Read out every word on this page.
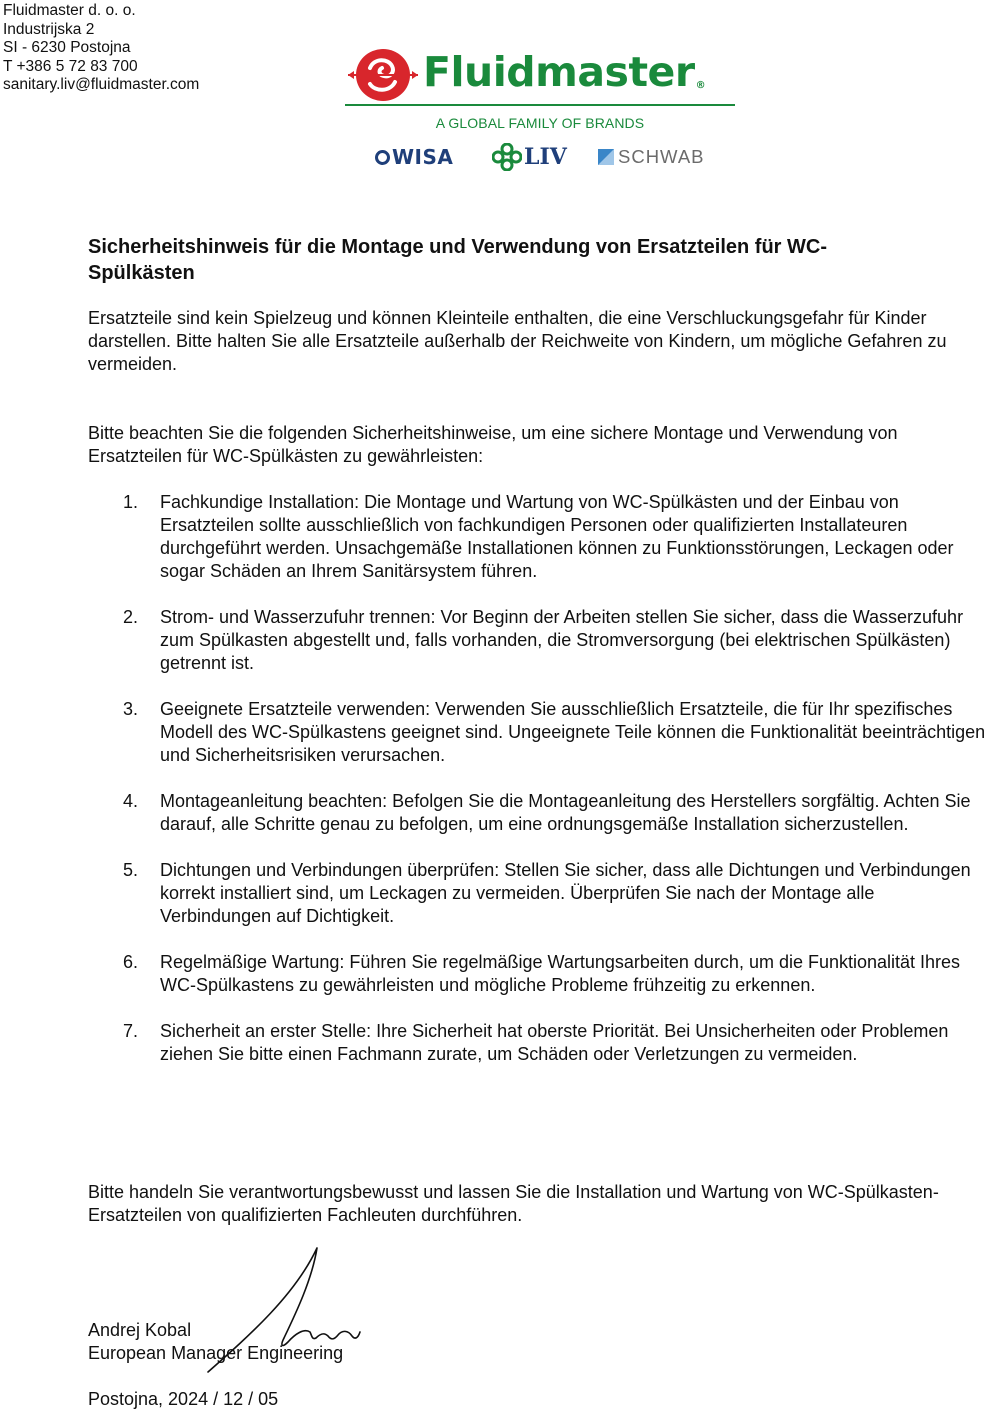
Fluidmaster d. o. o.
Industrijska 2
SI - 6230 Postojna
T +386 5 72 83 700
sanitary.liv@fluidmaster.com	Fluidmaster®
A GLOBAL FAMILY OF BRANDS
WISA	LIV	SCHWAB
Sicherheitshinweis für die Montage und Verwendung von Ersatzteilen für WC-Spülkästen
Ersatzteile sind kein Spielzeug und können Kleinteile enthalten, die eine Verschluckungsgefahr für Kinder darstellen. Bitte halten Sie alle Ersatzteile außerhalb der Reichweite von Kindern, um mögliche Gefahren zu vermeiden.
Bitte beachten Sie die folgenden Sicherheitshinweise, um eine sichere Montage und Verwendung von Ersatzteilen für WC-Spülkästen zu gewährleisten:
1. Fachkundige Installation: Die Montage und Wartung von WC-Spülkästen und der Einbau von Ersatzteilen sollte ausschließlich von fachkundigen Personen oder qualifizierten Installateuren durchgeführt werden. Unsachgemäße Installationen können zu Funktionsstörungen, Leckagen oder sogar Schäden an Ihrem Sanitärsystem führen.
2. Strom- und Wasserzufuhr trennen: Vor Beginn der Arbeiten stellen Sie sicher, dass die Wasserzufuhr zum Spülkasten abgestellt und, falls vorhanden, die Stromversorgung (bei elektrischen Spülkästen) getrennt ist.
3. Geeignete Ersatzteile verwenden: Verwenden Sie ausschließlich Ersatzteile, die für Ihr spezifisches Modell des WC-Spülkastens geeignet sind. Ungeeignete Teile können die Funktionalität beeinträchtigen und Sicherheitsrisiken verursachen.
4. Montageanleitung beachten: Befolgen Sie die Montageanleitung des Herstellers sorgfältig. Achten Sie darauf, alle Schritte genau zu befolgen, um eine ordnungsgemäße Installation sicherzustellen.
5. Dichtungen und Verbindungen überprüfen: Stellen Sie sicher, dass alle Dichtungen und Verbindungen korrekt installiert sind, um Leckagen zu vermeiden. Überprüfen Sie nach der Montage alle Verbindungen auf Dichtigkeit.
6. Regelmäßige Wartung: Führen Sie regelmäßige Wartungsarbeiten durch, um die Funktionalität Ihres WC-Spülkastens zu gewährleisten und mögliche Probleme frühzeitig zu erkennen.
7. Sicherheit an erster Stelle: Ihre Sicherheit hat oberste Priorität. Bei Unsicherheiten oder Problemen ziehen Sie bitte einen Fachmann zurate, um Schäden oder Verletzungen zu vermeiden.
Bitte handeln Sie verantwortungsbewusst und lassen Sie die Installation und Wartung von WC-Spülkasten-Ersatzteilen von qualifizierten Fachleuten durchführen.
Andrej Kobal
European Manager Engineering
Postojna, 2024 / 12 / 05
